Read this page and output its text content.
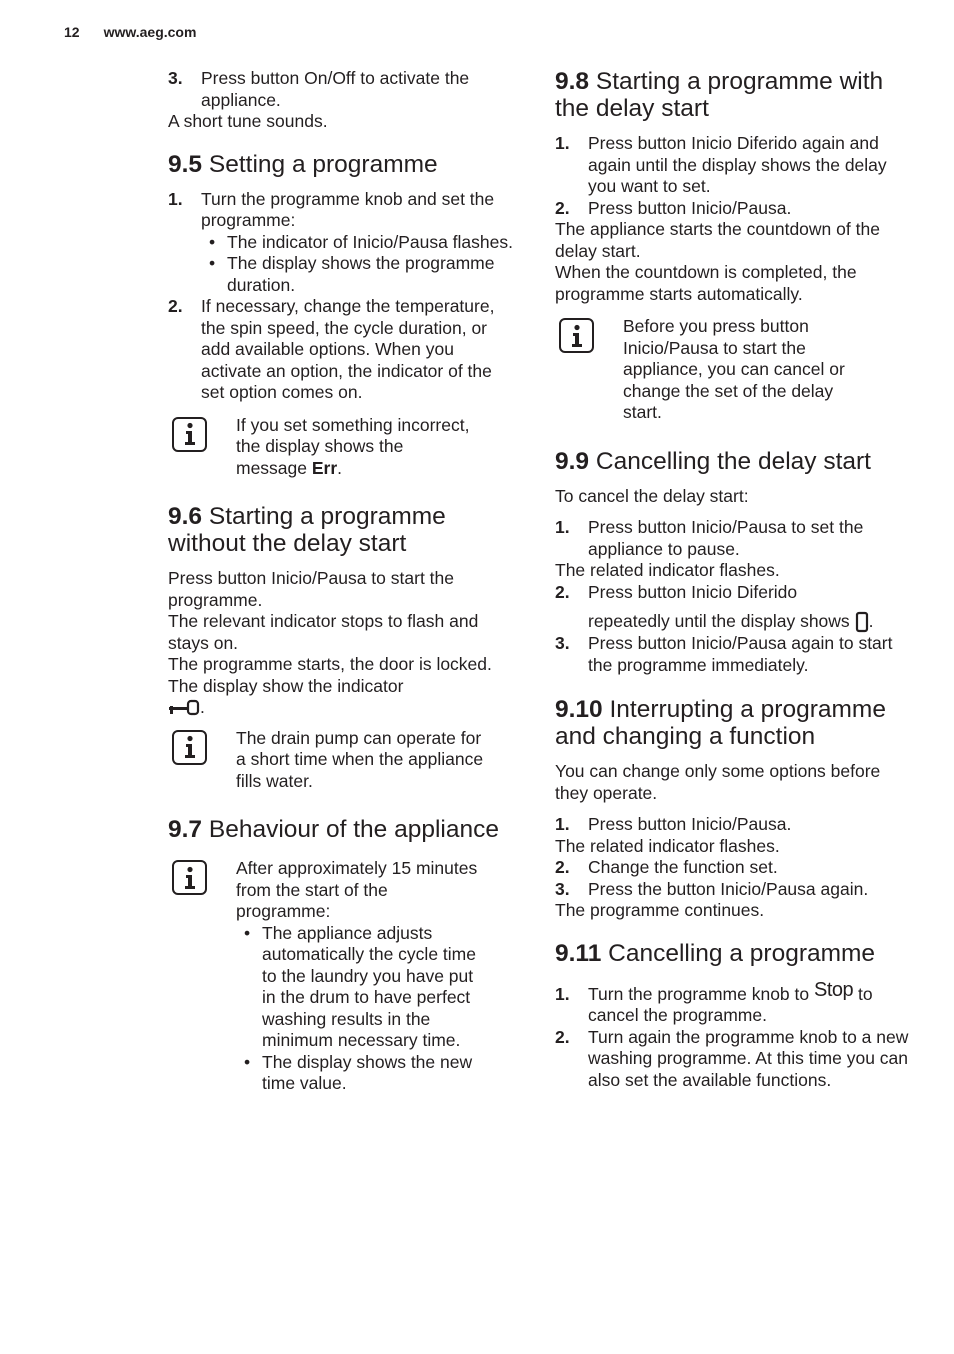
12 www.aeg.com
3.	Press button On/Off to activate the appliance.

A short tune sounds.

9.5 Setting a programme
1.	Turn the programme knob and set the programme:
• The indicator of Inicio/Pausa flashes.
• The display shows the programme duration.
2.	If necessary, change the temperature, the spin speed, the cycle duration, or add available options. When you activate an option, the indicator of the set option comes on.
If you set something incorrect, the display shows the message Err.
9.6 Starting a programme without the delay start

Press button Inicio/Pausa to start the programme.

The relevant indicator stops to flash and stays on.

The programme starts, the door is locked. The display show the indicator
.

The drain pump can operate for a short time when the appliance fills water.
9.7 Behaviour of the appliance
After approximately 15 minutes from the start of the programme:
• The appliance adjusts automatically the cycle time to the laundry you have put in the drum to have perfect washing results in the minimum necessary time.
• The display shows the new time value.
9.8 Starting a programme with the delay start
1.	Press button Inicio Diferido again and again until the display shows the delay you want to set.
2.	Press button Inicio/Pausa.

The appliance starts the countdown of the delay start.

When the countdown is completed, the programme starts automatically.

Before you press button Inicio/Pausa to start the appliance, you can cancel or change the set of the delay start.
9.9 Cancelling the delay start

To cancel the delay start:

1.	Press button Inicio/Pausa to set the appliance to pause.

The related indicator flashes.

2.	Press button Inicio Diferido
repeatedly until the display shows .
3.	Press button Inicio/Pausa again to start the programme immediately.
9.10 Interrupting a programme and changing a function

You can change only some options before they operate.

1.	Press button Inicio/Pausa.

The related indicator flashes.

2.	Change the function set.
3.	Press the button Inicio/Pausa again.

The programme continues.

9.11 Cancelling a programme
1.	Turn the programme knob to Stop to cancel the programme.
2.	Turn again the programme knob to a new washing programme. At this time you can also set the available functions.
